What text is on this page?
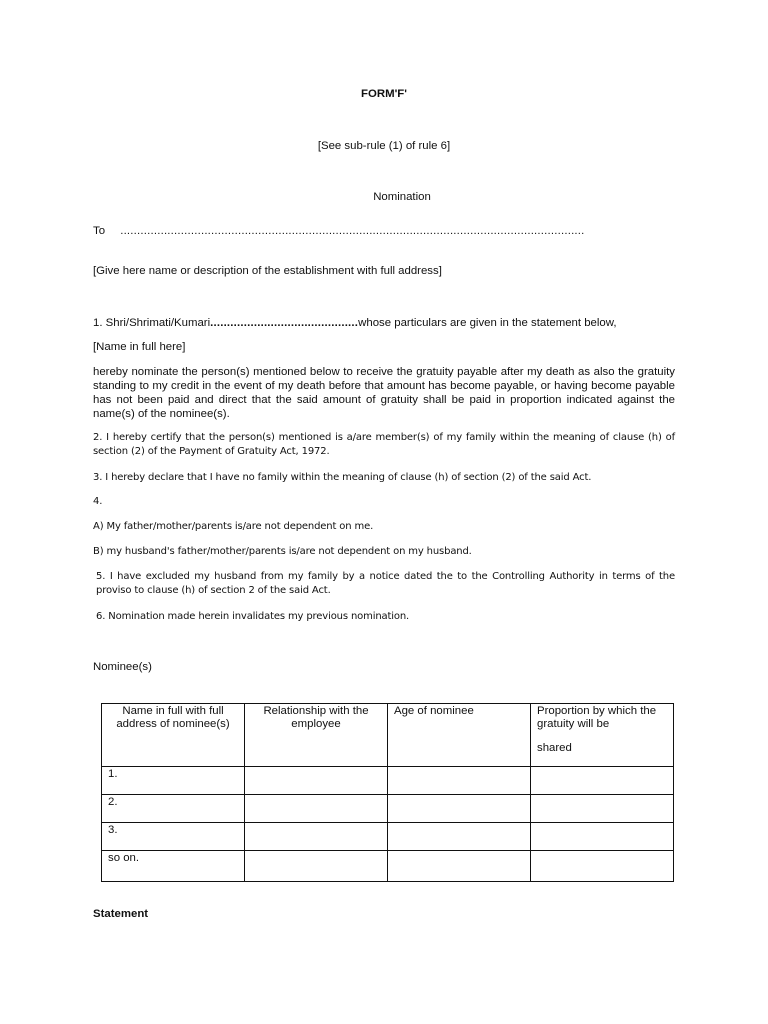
FORM'F'
[See sub-rule (1) of rule 6]
Nomination
To ..........................................................................................................................................
[Give here name or description of the establishment with full address]
1. Shri/Shrimati/Kumari............................................whose particulars are given in the statement below,
[Name in full here]

hereby nominate the person(s) mentioned below to receive the gratuity payable after my death as also the gratuity standing to my credit in the event of my death before that amount has become payable, or having become payable has not been paid and direct that the said amount of gratuity shall be paid in proportion indicated against the name(s) of the nominee(s).

2. I hereby certify that the person(s) mentioned is a/are member(s) of my family within the meaning of clause (h) of section (2) of the Payment of Gratuity Act, 1972.

3. I hereby declare that I have no family within the meaning of clause (h) of section (2) of the said Act.

4.

A) My father/mother/parents is/are not dependent on me.

B) my husband's father/mother/parents is/are not dependent on my husband.

5. I have excluded my husband from my family by a notice dated the to the Controlling Authority in terms of the proviso to clause (h) of section 2 of the said Act.

6. Nomination made herein invalidates my previous nomination.

Nominee(s)
Name in full with full address of nominee(s)	Relationship with the employee	Age of nominee	Proportion by which the gratuity will be
shared

1.			
2.			
3.			
so on.			
Statement
